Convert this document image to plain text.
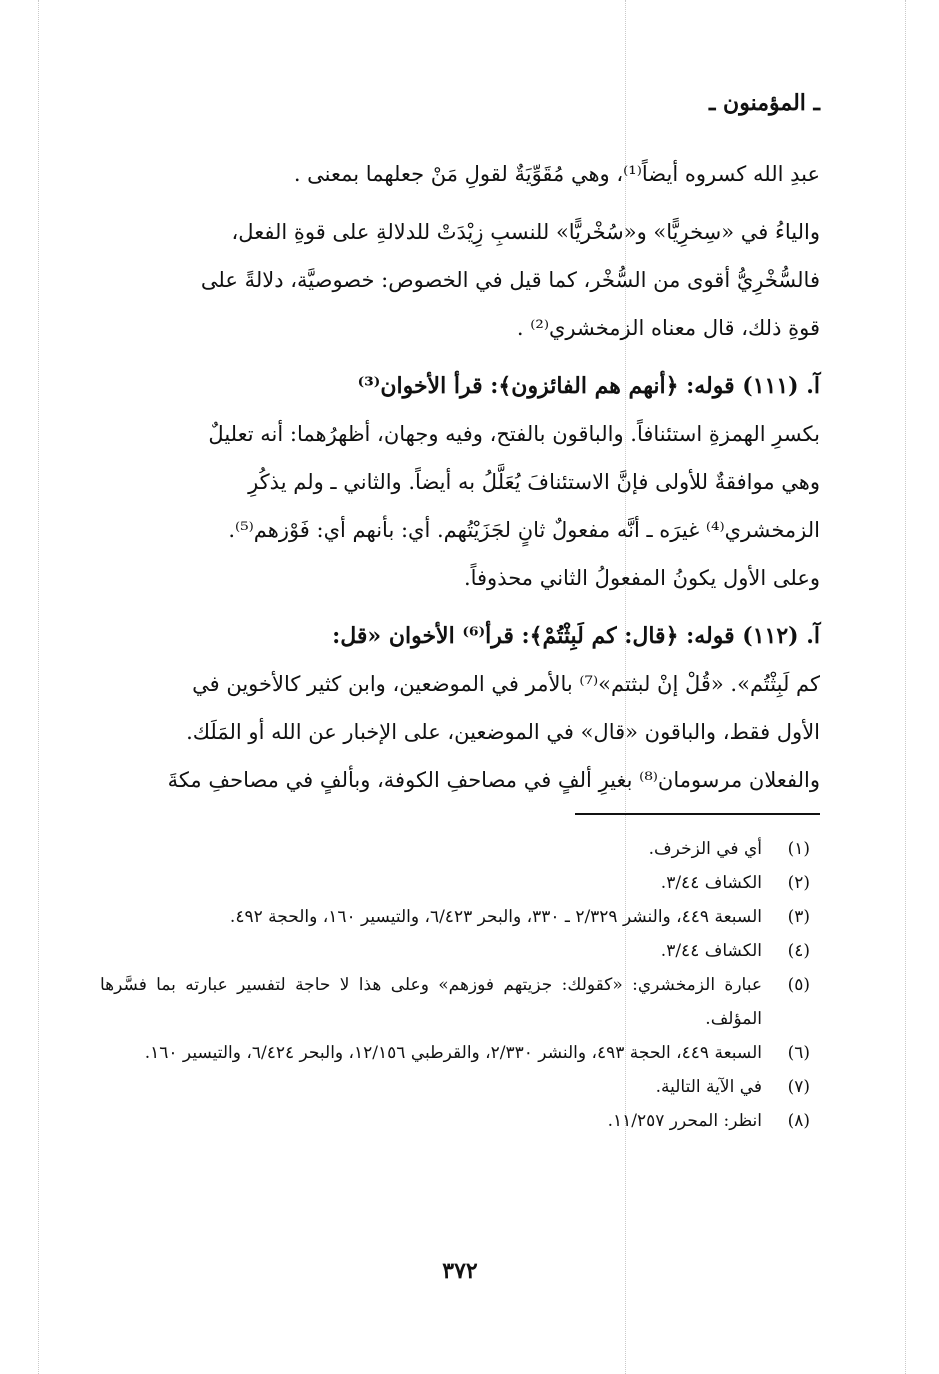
ـ المؤمنون ـ
عبدِ الله كسروه أيضاً⁽¹⁾، وهي مُقَوِّيَةٌ لقولِ مَنْ جعلهما بمعنى .
والياءُ في «سِخرِيًّا» و«سُخْريًّا» للنسبِ زِيْدَتْ للدلالةِ على قوةِ الفعل،
فالسُّخْرِيُّ أقوى من السُّخْر، كما قيل في الخصوص: خصوصيَّة، دلالةً على
قوةِ ذلك، قال معناه الزمخشري⁽²⁾ .
آ. (١١١) قوله: ﴿أنهم هم الفائزون﴾: قرأ الأخوان⁽³⁾
بكسرِ الهمزةِ استئنافاً. والباقون بالفتح، وفيه وجهان، أظهرُهما: أنه تعليلٌ
وهي موافقةٌ للأولى فإنَّ الاستئنافَ يُعَلَّلُ به أيضاً. والثاني ـ ولم يذكُرِ
الزمخشري⁽⁴⁾ غيرَه ـ أنَّه مفعولٌ ثانٍ لجَزَيْتُهم. أي: بأنهم أي: فَوْزهم⁽⁵⁾.
وعلى الأول يكونُ المفعولُ الثاني محذوفاً.
آ. (١١٢) قوله: ﴿قال: كم لَبِثْتُمْ﴾: قرأ⁽⁶⁾ الأخوان «قل:
كم لَبِثْتُم». «قُلْ إنْ لبثتم»⁽⁷⁾ بالأمر في الموضعين، وابن كثير كالأخوين في
الأول فقط، والباقون «قال» في الموضعين، على الإخبار عن الله أو المَلَك.
والفعلان مرسومان⁽⁸⁾ بغيرِ ألفٍ في مصاحفِ الكوفة، وبألفٍ في مصاحفِ مكةَ
(١)
أي في الزخرف.
(٢)
الكشاف ٣/٤٤.
(٣)
السبعة ٤٤٩، والنشر ٢/٣٢٩ ـ ٣٣٠، والبحر ٦/٤٢٣، والتيسير ١٦٠، والحجة ٤٩٢.
(٤)
الكشاف ٣/٤٤.
(٥)
عبارة الزمخشري: «كقولك: جزيتهم فوزهم» وعلى هذا لا حاجة لتفسير عبارته بما فسَّرها المؤلف.
(٦)
السبعة ٤٤٩، الحجة ٤٩٣، والنشر ٢/٣٣٠، والقرطبي ١٢/١٥٦، والبحر ٦/٤٢٤، والتيسير ١٦٠.
(٧)
في الآية التالية.
(٨)
انظر: المحرر ١١/٢٥٧.
٣٧٢
